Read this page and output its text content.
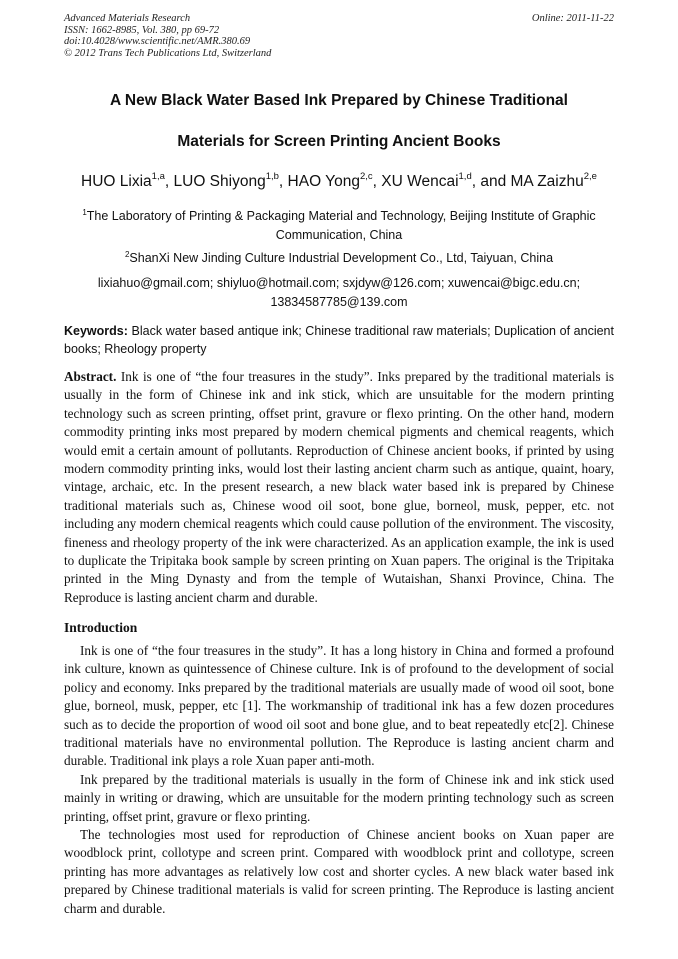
Advanced Materials Research
ISSN: 1662-8985, Vol. 380, pp 69-72
doi:10.4028/www.scientific.net/AMR.380.69
© 2012 Trans Tech Publications Ltd, Switzerland
Online: 2011-11-22
A New Black Water Based Ink Prepared by Chinese Traditional
Materials for Screen Printing Ancient Books
HUO Lixia$^{1,a}$, LUO Shiyong$^{1,b}$, HAO Yong$^{2,c}$, XU Wencai$^{1,d}$, and MA Zaizhu$^{2,e}$
$^1$The Laboratory of Printing & Packaging Material and Technology, Beijing Institute of Graphic
Communication, China
$^2$ShanXi New Jinding Culture Industrial Development Co., Ltd, Taiyuan, China
lixiahuo@gmail.com; shiyluo@hotmail.com; sxjdyw@126.com; xuwencai@bigc.edu.cn;
13834587785@139.com
Keywords: Black water based antique ink; Chinese traditional raw materials; Duplication of ancient books; Rheology property
Abstract. Ink is one of “the four treasures in the study”. Inks prepared by the traditional materials is usually in the form of Chinese ink and ink stick, which are unsuitable for the modern printing technology such as screen printing, offset print, gravure or flexo printing. On the other hand, modern commodity printing inks most prepared by modern chemical pigments and chemical reagents, which would emit a certain amount of pollutants. Reproduction of Chinese ancient books, if printed by using modern commodity printing inks, would lost their lasting ancient charm such as antique, quaint, hoary, vintage, archaic, etc. In the present research, a new black water based ink is prepared by Chinese traditional materials such as, Chinese wood oil soot, bone glue, borneol, musk, pepper, etc. not including any modern chemical reagents which could cause pollution of the environment. The viscosity, fineness and rheology property of the ink were characterized. As an application example, the ink is used to duplicate the Tripitaka book sample by screen printing on Xuan papers. The original is the Tripitaka printed in the Ming Dynasty and from the temple of Wutaishan, Shanxi Province, China. The Reproduce is lasting ancient charm and durable.
Introduction

Ink is one of “the four treasures in the study”. It has a long history in China and formed a profound ink culture, known as quintessence of Chinese culture. Ink is of profound to the development of social policy and economy. Inks prepared by the traditional materials are usually made of wood oil soot, bone glue, borneol, musk, pepper, etc [1]. The workmanship of traditional ink has a few dozen procedures such as to decide the proportion of wood oil soot and bone glue, and to beat repeatedly etc[2]. Chinese traditional materials have no environmental pollution. The Reproduce is lasting ancient charm and durable. Traditional ink plays a role Xuan paper anti-moth.

Ink prepared by the traditional materials is usually in the form of Chinese ink and ink stick used mainly in writing or drawing, which are unsuitable for the modern printing technology such as screen printing, offset print, gravure or flexo printing.

The technologies most used for reproduction of Chinese ancient books on Xuan paper are woodblock print, collotype and screen print. Compared with woodblock print and collotype, screen printing has more advantages as relatively low cost and shorter cycles. A new black water based ink prepared by Chinese traditional materials is valid for screen printing. The Reproduce is lasting ancient charm and durable.
